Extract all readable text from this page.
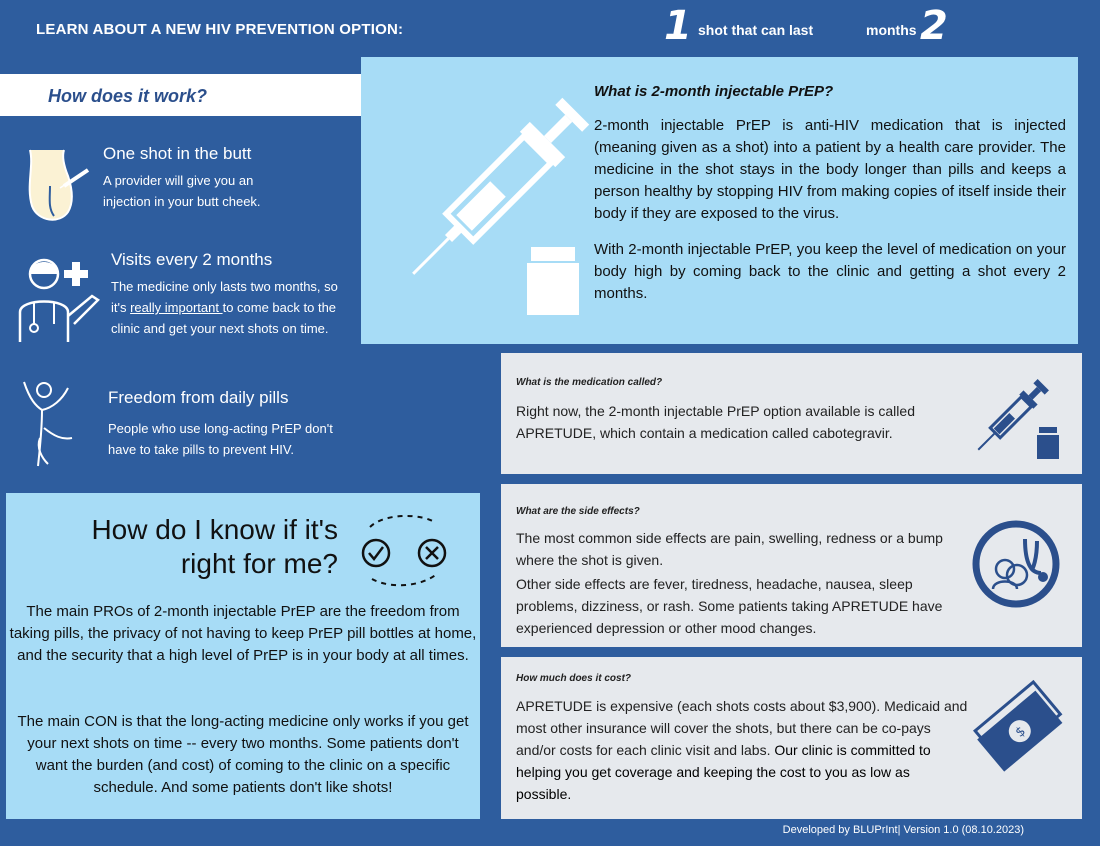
LEARN ABOUT A NEW HIV PREVENTION OPTION:	1 shot that can last	months 2
How does it work?
One shot in the butt
A provider will give you an injection in your butt cheek.
Visits every 2 months
The medicine only lasts two months, so it's really important to come back to the clinic and get your next shots on time.
Freedom from daily pills
People who use long-acting PrEP don't have to take pills to prevent HIV.
What is 2-month injectable PrEP?
2-month injectable PrEP is anti-HIV medication that is injected (meaning given as a shot) into a patient by a health care provider. The medicine in the shot stays in the body longer than pills and keeps a person healthy by stopping HIV from making copies of itself inside their body if they are exposed to the virus.
With 2-month injectable PrEP, you keep the level of medication on your body high by coming back to the clinic and getting a shot every 2 months.
How do I know if it's
right for me?
The main PROs of 2-month injectable PrEP are the freedom from taking pills, the privacy of not having to keep PrEP pill bottles at home, and the security that a high level of PrEP is in your body at all times.
The main CON is that the long-acting medicine only works if you get your next shots on time -- every two months. Some patients don't want the burden (and cost) of coming to the clinic on a specific schedule. And some patients don't like shots!
What is the medication called?
Right now, the 2-month injectable PrEP option available is called APRETUDE, which contain a medication called cabotegravir.
What are the side effects?
The most common side effects are pain, swelling, redness or a bump where the shot is given.
Other side effects are fever, tiredness, headache, nausea, sleep problems, dizziness, or rash. Some patients taking APRETUDE have experienced depression or other mood changes.
How much does it cost?
APRETUDE is expensive (each shots costs about $3,900). Medicaid and most other insurance will cover the shots, but there can be co-pays and/or costs for each clinic visit and labs. Our clinic is committed to helping you get coverage and keeping the cost to you as low as possible.
$
Developed by BLUPrInt| Version 1.0 (08.10.2023)
